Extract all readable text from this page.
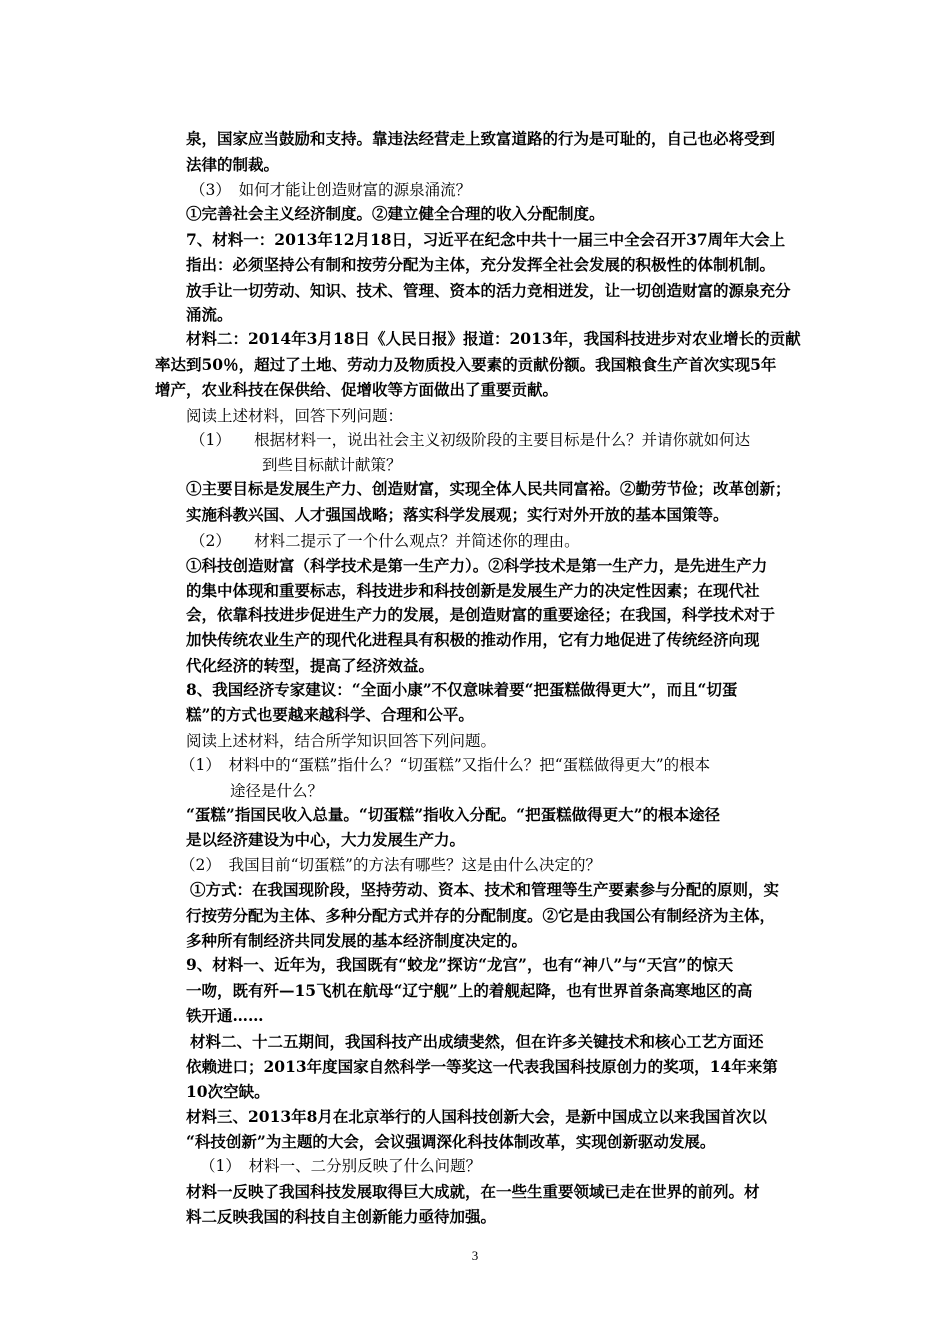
泉，国家应当鼓励和支持。靠违法经营走上致富道路的行为是可耻的，自己也必将受到
法律的制裁。
（3）　如何才能让创造财富的源泉涌流？
①完善社会主义经济制度。②建立健全合理的收入分配制度。
7、材料一：2013年12月18日，习近平在纪念中共十一届三中全会召开37周年大会上
指出：必须坚持公有制和按劳分配为主体，充分发挥全社会发展的积极性的体制机制。
放手让一切劳动、知识、技术、管理、资本的活力竞相迸发，让一切创造财富的源泉充分
涌流。
材料二：2014年3月18日《人民日报》报道：2013年，我国科技进步对农业增长的贡献
率达到50％，超过了土地、劳动力及物质投入要素的贡献份额。我国粮食生产首次实现5年
增产，农业科技在保供给、促增收等方面做出了重要贡献。
阅读上述材料，回答下列问题：
（1）　　根据材料一，说出社会主义初级阶段的主要目标是什么？并请你就如何达
到些目标献计献策？
①主要目标是发展生产力、创造财富，实现全体人民共同富裕。②勤劳节俭；改革创新；
实施科教兴国、人才强国战略；落实科学发展观；实行对外开放的基本国策等。
（2）　　材料二提示了一个什么观点？并简述你的理由。
①科技创造财富（科学技术是第一生产力）。②科学技术是第一生产力，是先进生产力
的集中体现和重要标志，科技进步和科技创新是发展生产力的决定性因素；在现代社
会，依靠科技进步促进生产力的发展，是创造财富的重要途径；在我国，科学技术对于
加快传统农业生产的现代化进程具有积极的推动作用，它有力地促进了传统经济向现
代化经济的转型，提高了经济效益。
8、我国经济专家建议：“全面小康”不仅意味着要“把蛋糕做得更大”，而且“切蛋
糕”的方式也要越来越科学、合理和公平。
阅读上述材料，结合所学知识回答下列问题。
（1）　材料中的“蛋糕”指什么？“切蛋糕”又指什么？把“蛋糕做得更大”的根本
途径是什么？
“蛋糕”指国民收入总量。“切蛋糕”指收入分配。“把蛋糕做得更大”的根本途径
是以经济建设为中心，大力发展生产力。
（2）　我国目前“切蛋糕”的方法有哪些？这是由什么决定的？
①方式：在我国现阶段，坚持劳动、资本、技术和管理等生产要素参与分配的原则，实
行按劳分配为主体、多种分配方式并存的分配制度。②它是由我国公有制经济为主体，
多种所有制经济共同发展的基本经济制度决定的。
9、材料一、近年为，我国既有“蛟龙”探访“龙宫”，也有“神八”与“天宫”的惊天
一吻，既有歼—15飞机在航母“辽宁舰”上的着舰起降，也有世界首条高寒地区的高
铁开通……
材料二、十二五期间，我国科技产出成绩斐然，但在许多关键技术和核心工艺方面还
依赖进口；2013年度国家自然科学一等奖这一代表我国科技原创力的奖项，14年来第
10次空缺。
材料三、2013年8月在北京举行的人国科技创新大会，是新中国成立以来我国首次以
“科技创新”为主题的大会，会议强调深化科技体制改革，实现创新驱动发展。
（1）　材料一、二分别反映了什么问题？
材料一反映了我国科技发展取得巨大成就，在一些生重要领域已走在世界的前列。材
料二反映我国的科技自主创新能力亟待加强。
3
